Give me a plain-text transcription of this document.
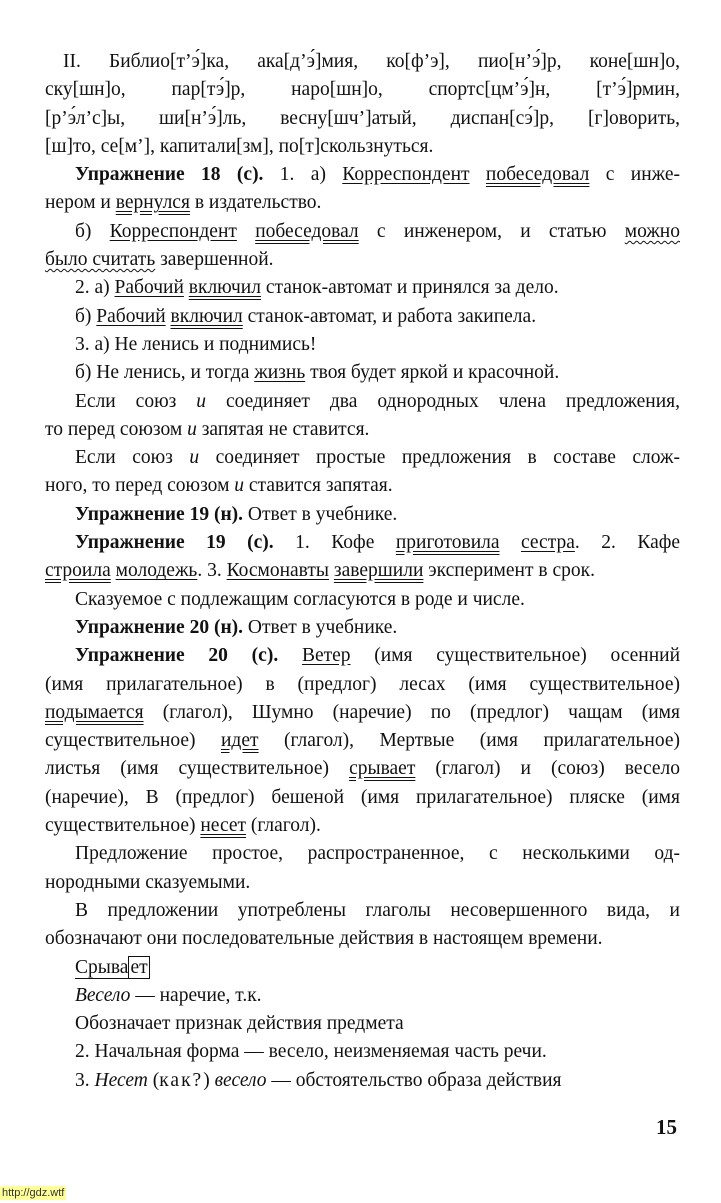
II. Библио[т’э́]ка, ака[д’э́]мия, ко[ф’э], пио[н’э́]р, коне[шн]о,
ску[шн]о, пар[тэ́]р, наро[шн]о, спортс[цм’э́]н, [т’э́]рмин,
[р’э́л’с]ы, ши[н’э́]ль, весну[шч’]атый, диспан[сэ́]р, [г]оворить,
[ш]то, се[м’], капитали[зм], по[т]скользнуться.
Упражнение 18 (с). 1. а) Корреспондент побеседовал с инже-
нером и вернулся в издательство.
б) Корреспондент побеседовал с инженером, и статью можно
было считать завершенной.
2. а) Рабочий включил станок-автомат и принялся за дело.
б) Рабочий включил станок-автомат, и работа закипела.
3. а) Не ленись и поднимись!
б) Не ленись, и тогда жизнь твоя будет яркой и красочной.
Если союз и соединяет два однородных члена предложения,
то перед союзом и запятая не ставится.
Если союз и соединяет простые предложения в составе слож-
ного, то перед союзом и ставится запятая.
Упражнение 19 (н). Ответ в учебнике.
Упражнение 19 (с). 1. Кофе приготовила сестра. 2. Кафе
строила молодежь. 3. Космонавты завершили эксперимент в срок.
Сказуемое с подлежащим согласуются в роде и числе.
Упражнение 20 (н). Ответ в учебнике.
Упражнение 20 (с). Ветер (имя существительное) осенний
(имя прилагательное) в (предлог) лесах (имя существительное)
подымается (глагол), Шумно (наречие) по (предлог) чащам (имя
существительное) идет (глагол), Мертвые (имя прилагательное)
листья (имя существительное) срывает (глагол) и (союз) весело
(наречие), В (предлог) бешеной (имя прилагательное) пляске (имя
существительное) несет (глагол).
Предложение простое, распространенное, с несколькими од-
нородными сказуемыми.
В предложении употреблены глаголы несовершенного вида, и
обозначают они последовательные действия в настоящем времени.
Срыва ет
Весело — наречие, т.к.
Обозначает признак действия предмета
2. Начальная форма — весело, неизменяемая часть речи.
3. Несет (как?) весело — обстоятельство образа действия
15
http://gdz.wtf
